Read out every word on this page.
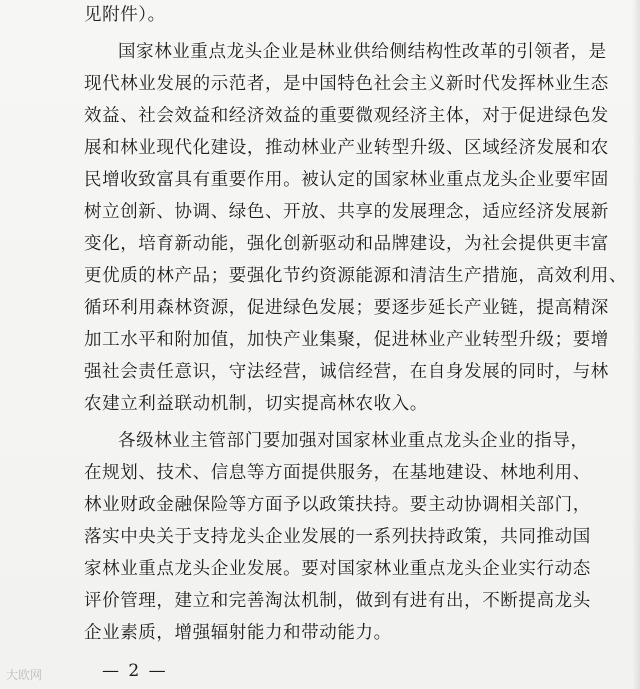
见附件）。
国家林业重点龙头企业是林业供给侧结构性改革的引领者，是
现代林业发展的示范者，是中国特色社会主义新时代发挥林业生态
效益、社会效益和经济效益的重要微观经济主体，对于促进绿色发
展和林业现代化建设，推动林业产业转型升级、区域经济发展和农
民增收致富具有重要作用。被认定的国家林业重点龙头企业要牢固
树立创新、协调、绿色、开放、共享的发展理念，适应经济发展新
变化，培育新动能，强化创新驱动和品牌建设，为社会提供更丰富
更优质的林产品；要强化节约资源能源和清洁生产措施，高效利用、
循环利用森林资源，促进绿色发展；要逐步延长产业链，提高精深
加工水平和附加值，加快产业集聚，促进林业产业转型升级；要增
强社会责任意识，守法经营，诚信经营，在自身发展的同时，与林
农建立利益联动机制，切实提高林农收入。
各级林业主管部门要加强对国家林业重点龙头企业的指导，
在规划、技术、信息等方面提供服务，在基地建设、林地利用、
林业财政金融保险等方面予以政策扶持。要主动协调相关部门，
落实中央关于支持龙头企业发展的一系列扶持政策，共同推动国
家林业重点龙头企业发展。要对国家林业重点龙头企业实行动态
评价管理，建立和完善淘汰机制，做到有进有出，不断提高龙头
企业素质，增强辐射能力和带动能力。
大欧网	— 2 —
